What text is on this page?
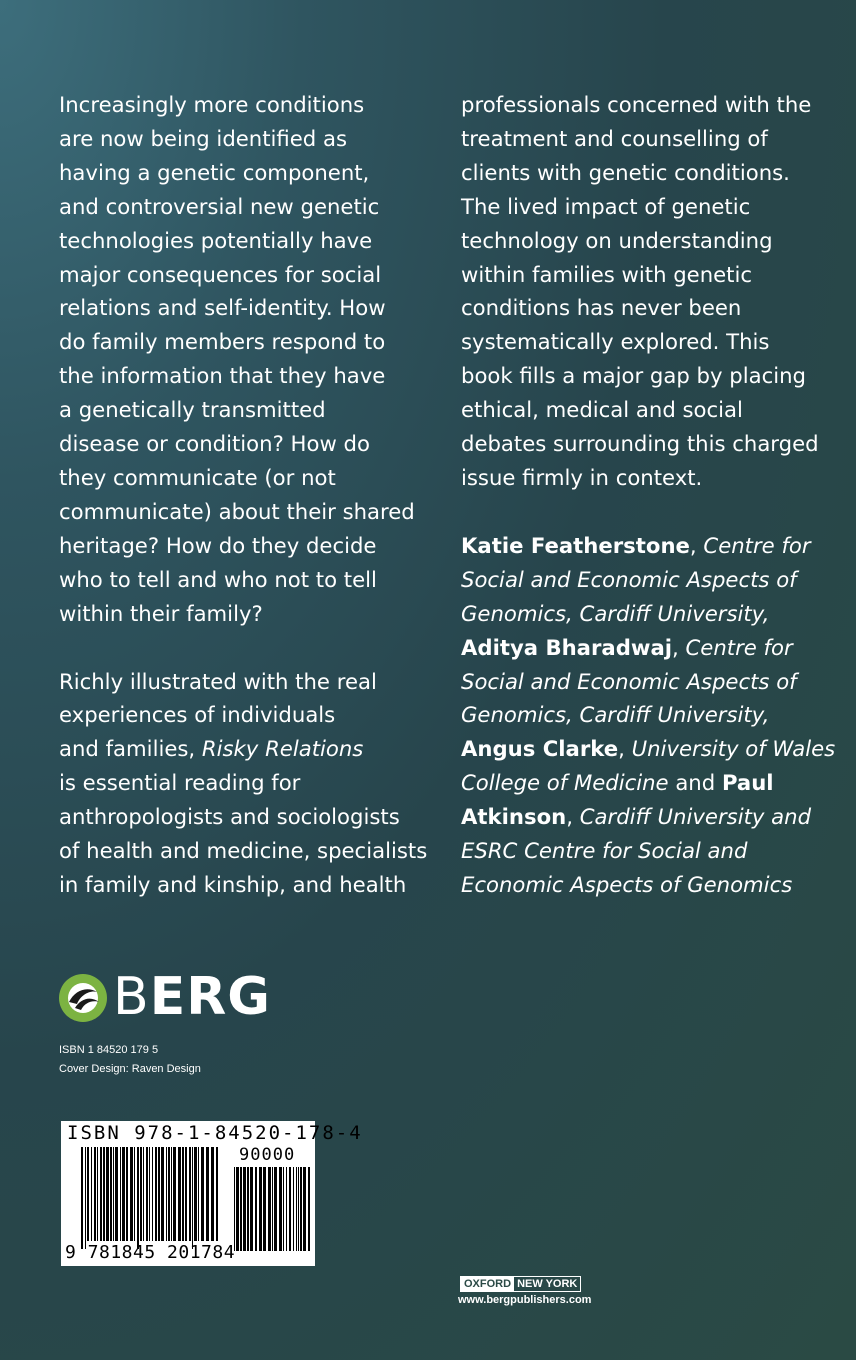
Increasingly more conditions
are now being identified as
having a genetic component,
and controversial new genetic
technologies potentially have
major consequences for social
relations and self-identity. How
do family members respond to
the information that they have
a genetically transmitted
disease or condition? How do
they communicate (or not
communicate) about their shared
heritage? How do they decide
who to tell and who not to tell
within their family?

Richly illustrated with the real
experiences of individuals
and families, Risky Relations
is essential reading for
anthropologists and sociologists
of health and medicine, specialists
in family and kinship, and health

professionals concerned with the
treatment and counselling of
clients with genetic conditions.
The lived impact of genetic
technology on understanding
within families with genetic
conditions has never been
systematically explored. This
book fills a major gap by placing
ethical, medical and social
debates surrounding this charged
issue firmly in context.

Katie Featherstone, Centre for
Social and Economic Aspects of
Genomics, Cardiff University,
Aditya Bharadwaj, Centre for
Social and Economic Aspects of
Genomics, Cardiff University,
Angus Clarke, University of Wales
College of Medicine and Paul
Atkinson, Cardiff University and
ESRC Centre for Social and
Economic Aspects of Genomics

BERG
ISBN 1 84520 179 5
Cover Design: Raven Design
ISBN 978-1-84520-178-4
90000
9 781845 201784
OXFORD NEW YORK
www.bergpublishers.com
